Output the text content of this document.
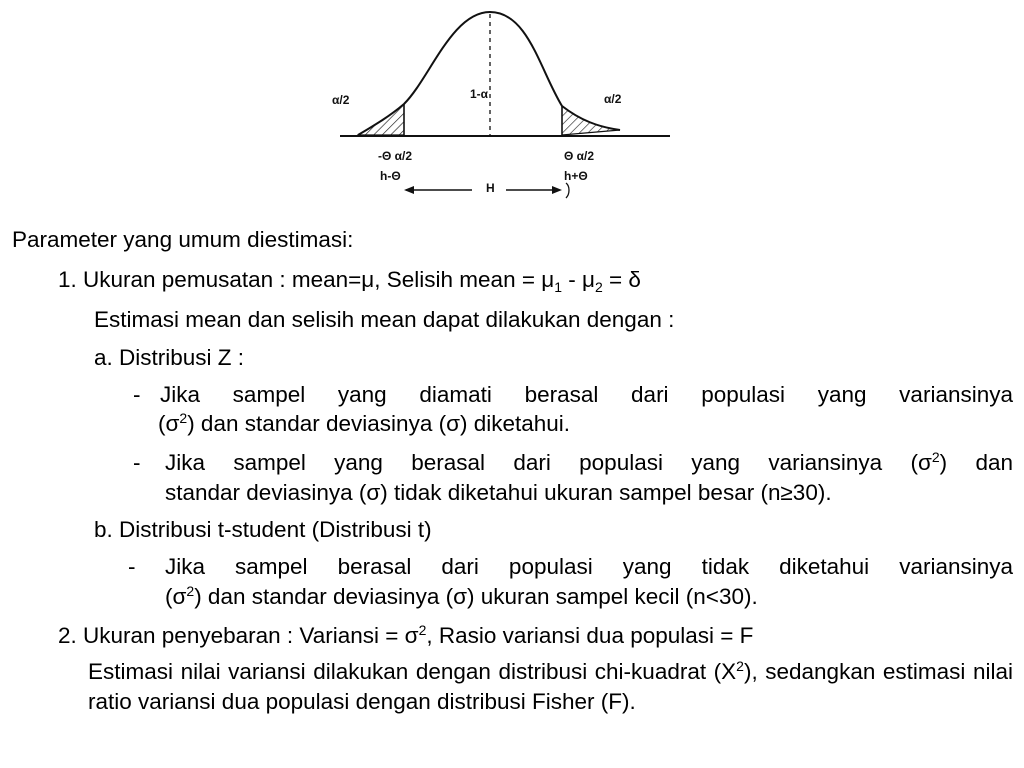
α/2	1-α	α/2
-Θ α/2	Θ α/2
h-Θ	h+Θ
H
Parameter yang umum diestimasi:
1. Ukuran pemusatan : mean=μ, Selisih mean = $\mu_1 - \mu_2 = \delta$
Estimasi mean dan selisih mean dapat dilakukan dengan :
a. Distribusi Z :
- Jika sampel yang diamati berasal dari populasi yang variansinya
$(\sigma^2)$ dan standar deviasinya (σ) diketahui.
- Jika sampel yang berasal dari populasi yang variansinya $(\sigma^2)$ dan
standar deviasinya (σ) tidak diketahui ukuran sampel besar (n≥30).
b. Distribusi t-student (Distribusi t)
- Jika sampel berasal dari populasi yang tidak diketahui variansinya
$(\sigma^2)$ dan standar deviasinya (σ) ukuran sampel kecil (n<30).
2. Ukuran penyebaran : Variansi = $\sigma^2$, Rasio variansi dua populasi = F
Estimasi nilai variansi dilakukan dengan distribusi chi-kuadrat $(X^2)$, sedangkan estimasi nilai ratio variansi dua populasi dengan distribusi Fisher (F).
